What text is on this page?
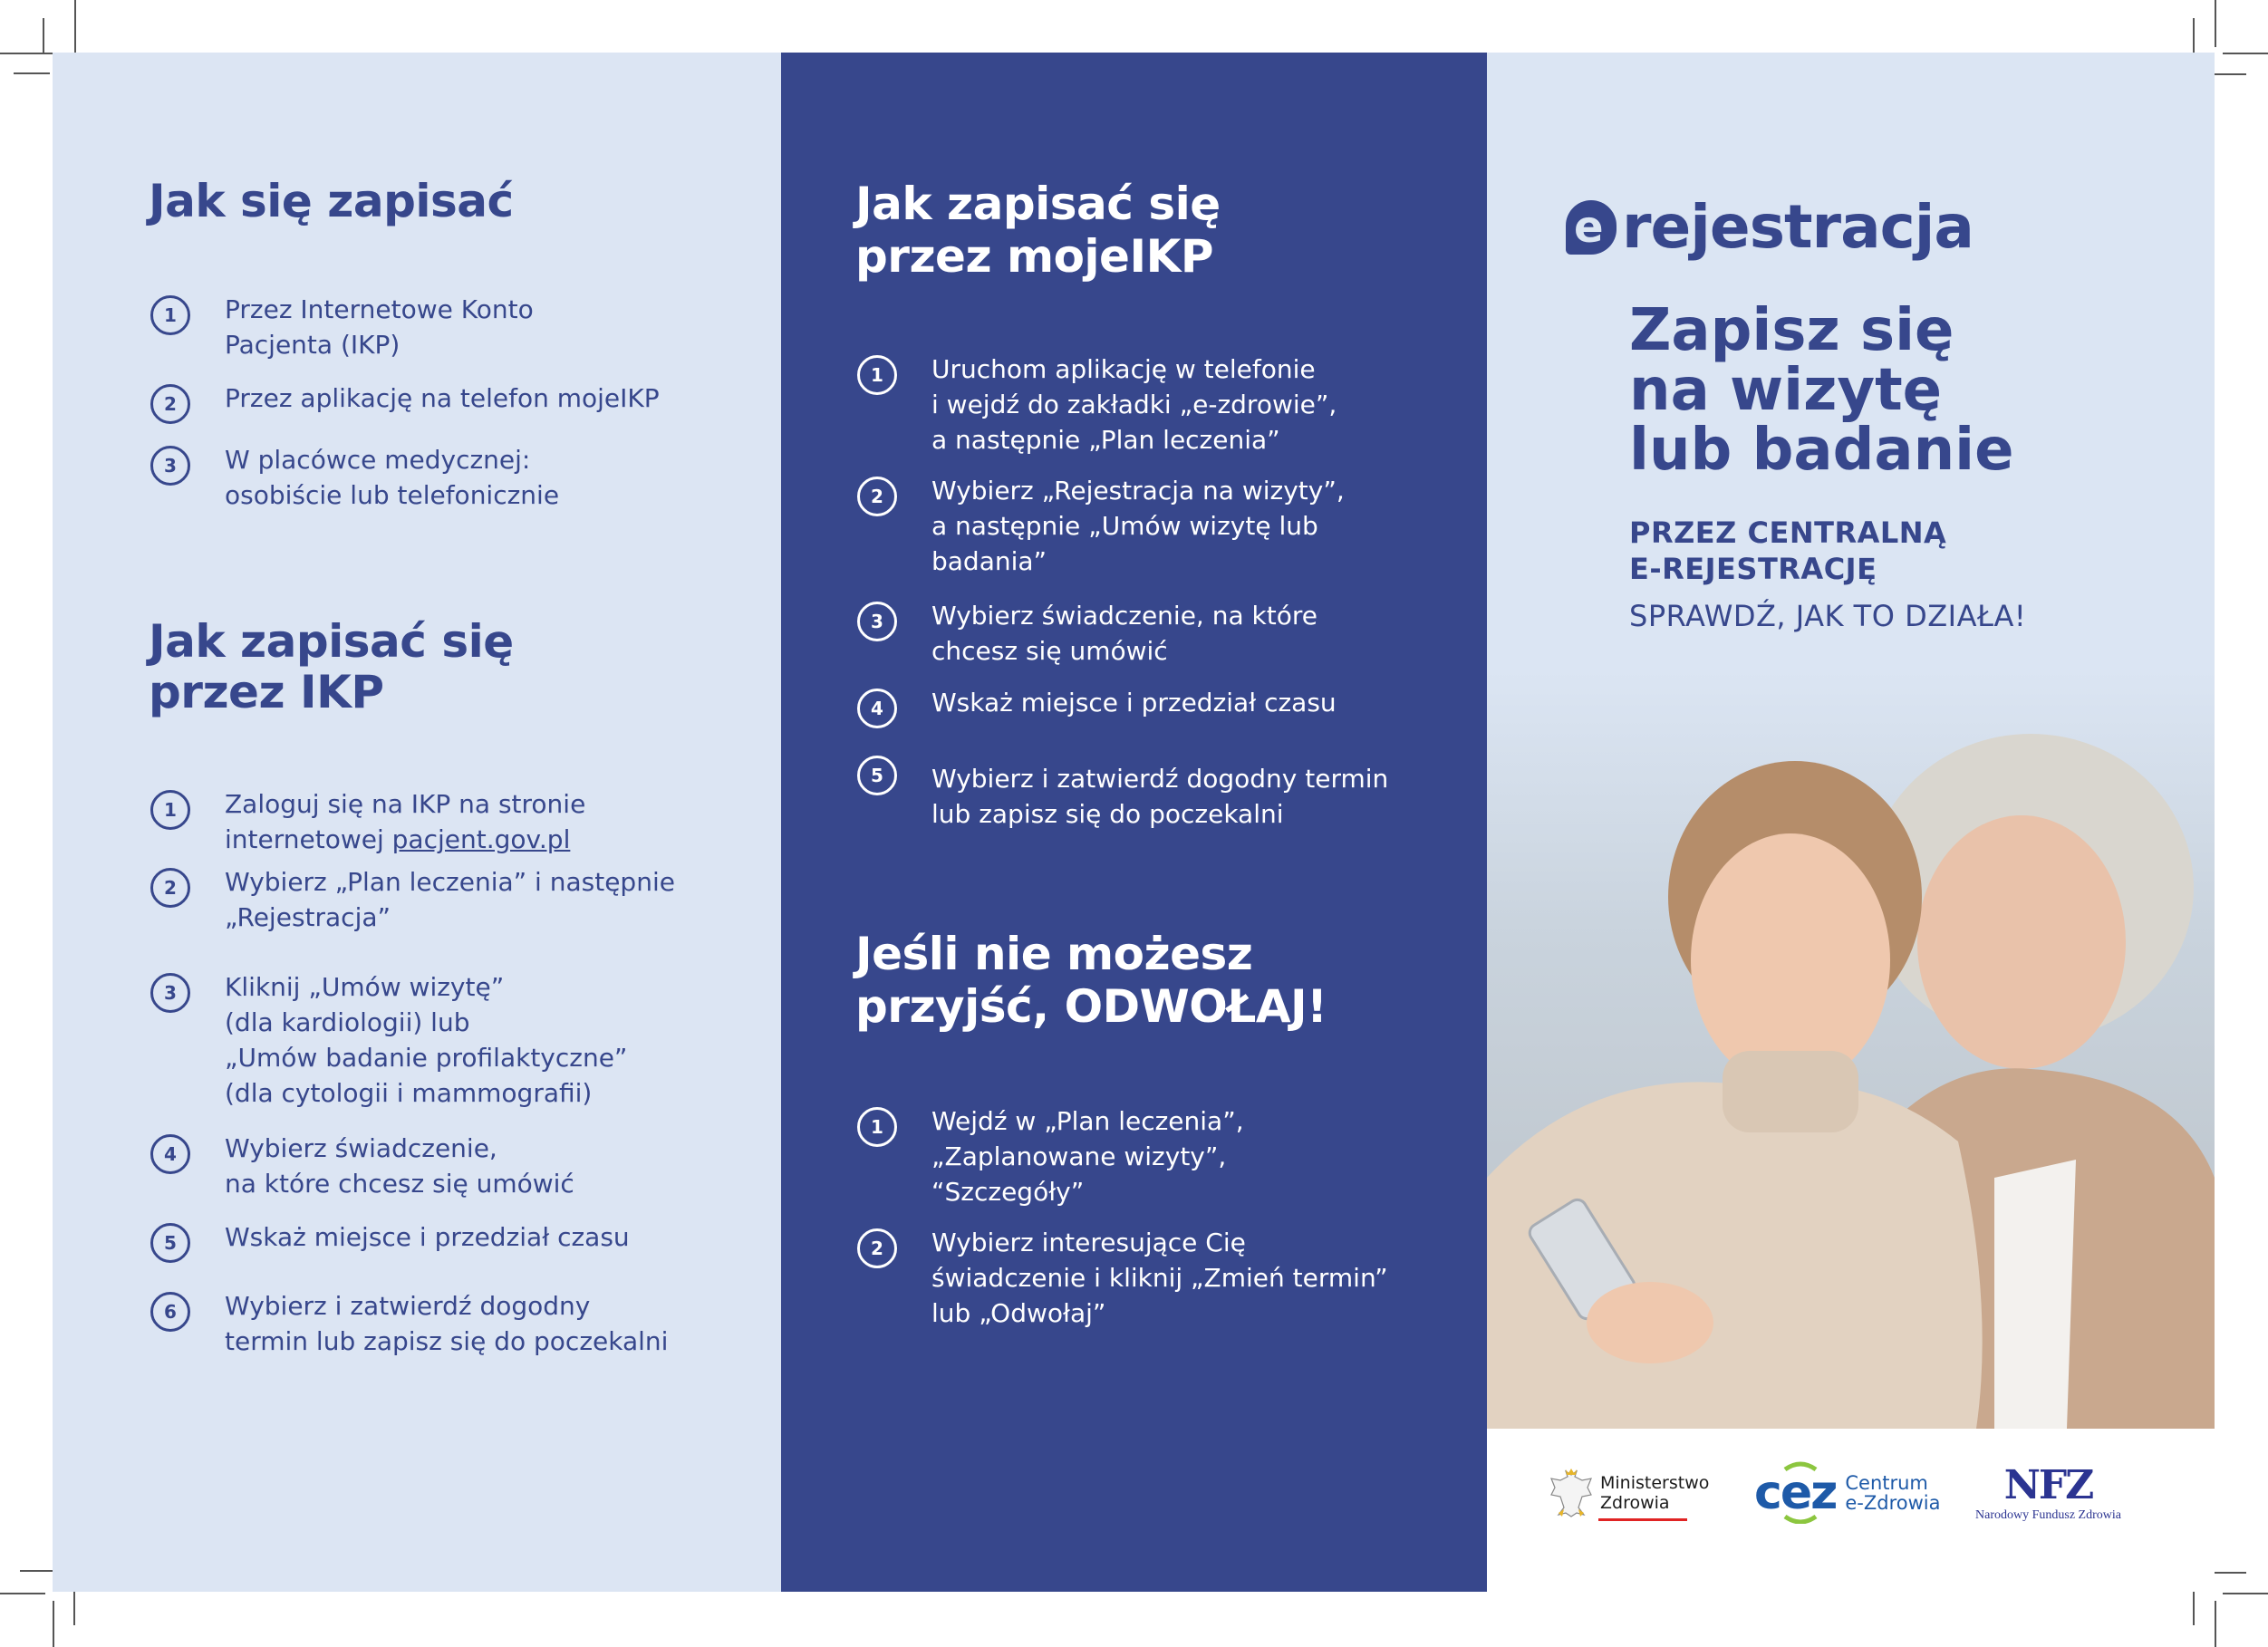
Jak się zapisać
1	Przez Internetowe Konto
Pacjenta (IKP)
2	Przez aplikację na telefon mojeIKP
3	W placówce medycznej:
osobiście lub telefonicznie
Jak zapisać się
przez IKP
1	Zaloguj się na IKP na stronie
internetowej pacjent.gov.pl
2	Wybierz „Plan leczenia” i następnie
„Rejestracja”
3	Kliknij „Umów wizytę”
(dla kardiologii) lub
„Umów badanie profilaktyczne”
(dla cytologii i mammografii)
4	Wybierz świadczenie,
na które chcesz się umówić
5	Wskaż miejsce i przedział czasu
6	Wybierz i zatwierdź dogodny
termin lub zapisz się do poczekalni
Jak zapisać się
przez mojeIKP
1	Uruchom aplikację w telefonie
i wejdź do zakładki „e-zdrowie”,
a następnie „Plan leczenia”
2	Wybierz „Rejestracja na wizyty”,
a następnie „Umów wizytę lub
badania”
3	Wybierz świadczenie, na które
chcesz się umówić
4	Wskaż miejsce i przedział czasu
5	Wybierz i zatwierdź dogodny termin
lub zapisz się do poczekalni
Jeśli nie możesz
przyjść, ODWOŁAJ!
1	Wejdź w „Plan leczenia”,
„Zaplanowane wizyty”,
“Szczegóły”
2	Wybierz interesujące Cię
świadczenie i kliknij „Zmień termin”
lub „Odwołaj”
e rejestracja
Zapisz się
na wizytę
lub badanie
PRZEZ CENTRALNĄ
E-REJESTRACJĘ
SPRAWDŹ, JAK TO DZIAŁA!
Ministerstwo
Zdrowia	cez Centrum
e-Zdrowia NFZ
Narodowy Fundusz Zdrowia
